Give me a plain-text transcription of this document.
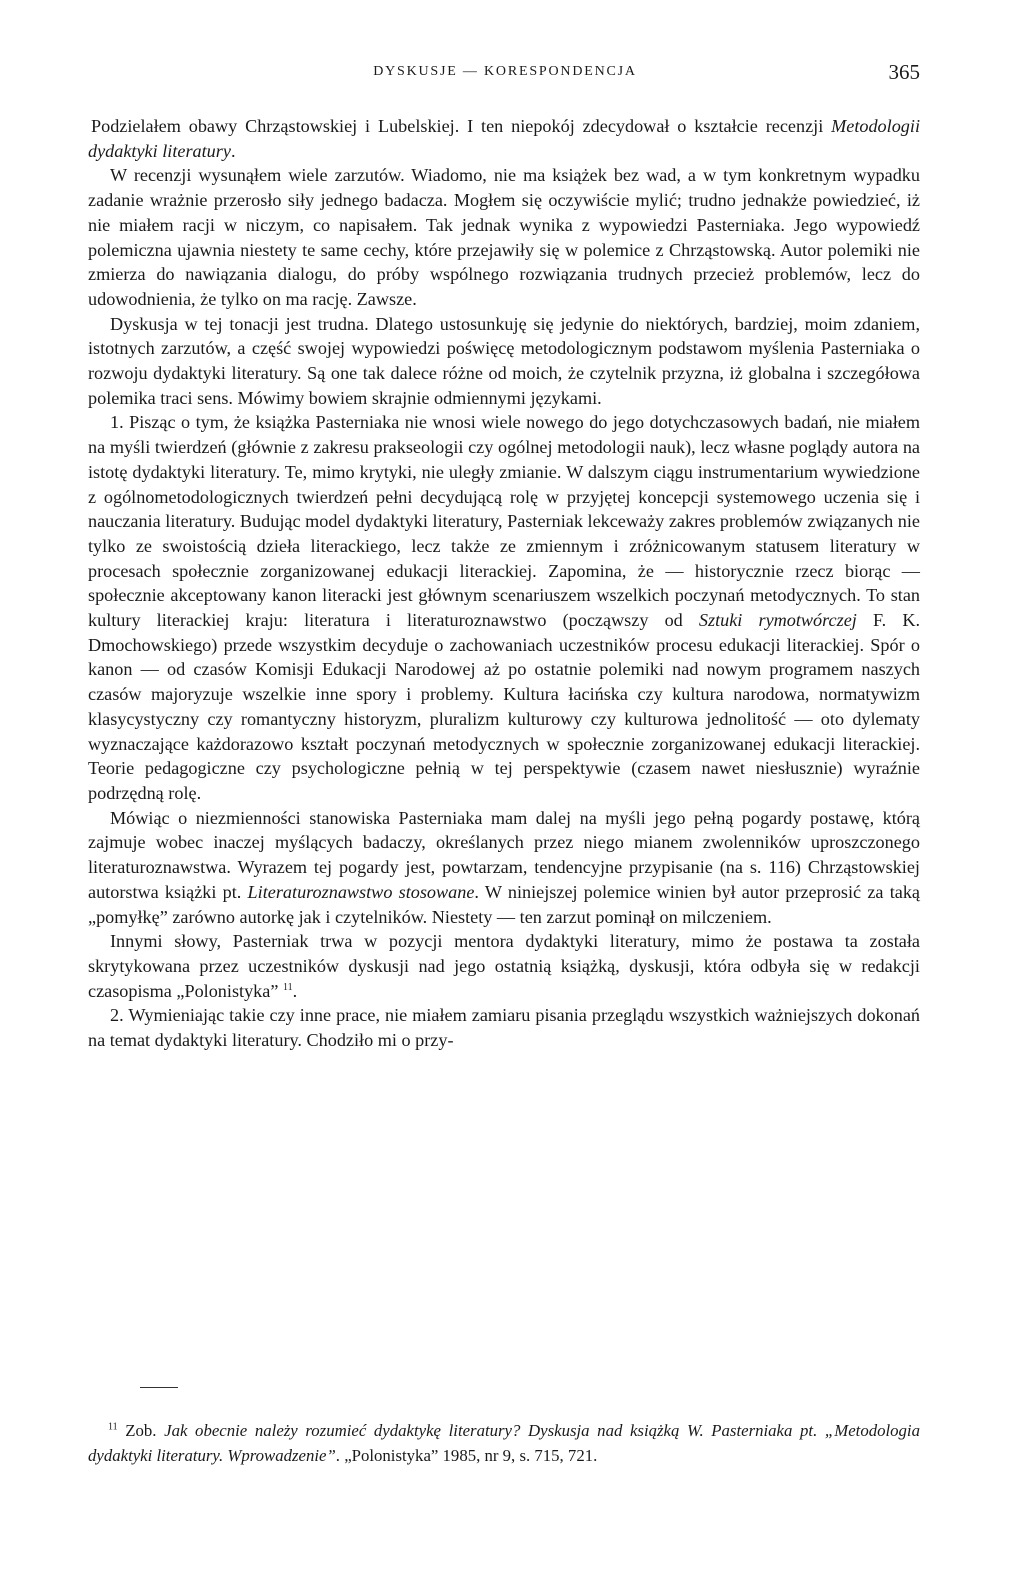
DYSKUSJE — KORESPONDENCJA	365

Podzielałem obawy Chrząstowskiej i Lubelskiej. I ten niepokój zdecydował o kształcie recenzji Metodologii dydaktyki literatury.

W recenzji wysunąłem wiele zarzutów. Wiadomo, nie ma książek bez wad, a w tym konkretnym wypadku zadanie wrażnie przerosło siły jednego badacza. Mogłem się oczywiście mylić; trudno jednakże powiedzieć, iż nie miałem racji w niczym, co napisałem. Tak jednak wynika z wypowiedzi Pasterniaka. Jego wypowiedź polemiczna ujawnia niestety te same cechy, które przejawiły się w polemice z Chrząstowską. Autor polemiki nie zmierza do nawiązania dialogu, do próby wspólnego rozwiązania trudnych przecież problemów, lecz do udowodnienia, że tylko on ma rację. Zawsze.

Dyskusja w tej tonacji jest trudna. Dlatego ustosunkuję się jedynie do niektórych, bardziej, moim zdaniem, istotnych zarzutów, a część swojej wypowiedzi poświęcę metodologicznym podstawom myślenia Pasterniaka o rozwoju dydaktyki literatury. Są one tak dalece różne od moich, że czytelnik przyzna, iż globalna i szczegółowa polemika traci sens. Mówimy bowiem skrajnie odmiennymi językami.

1. Pisząc o tym, że książka Pasterniaka nie wnosi wiele nowego do jego dotychczasowych badań, nie miałem na myśli twierdzeń (głównie z zakresu prakseologii czy ogólnej metodologii nauk), lecz własne poglądy autora na istotę dydaktyki literatury. Te, mimo krytyki, nie uległy zmianie. W dalszym ciągu instrumentarium wywiedzione z ogólnometodologicznych twierdzeń pełni decydującą rolę w przyjętej koncepcji systemowego uczenia się i nauczania literatury. Budując model dydaktyki literatury, Pasterniak lekceważy zakres problemów związanych nie tylko ze swoistością dzieła literackiego, lecz także ze zmiennym i zróżnicowanym statusem literatury w procesach społecznie zorganizowanej edukacji literackiej. Zapomina, że — historycznie rzecz biorąc — społecznie akceptowany kanon literacki jest głównym scenariuszem wszelkich poczynań metodycznych. To stan kultury literackiej kraju: literatura i literaturoznawstwo (począwszy od Sztuki rymotwórczej F. K. Dmochowskiego) przede wszystkim decyduje o zachowaniach uczestników procesu edukacji literackiej. Spór o kanon — od czasów Komisji Edukacji Narodowej aż po ostatnie polemiki nad nowym programem naszych czasów majoryzuje wszelkie inne spory i problemy. Kultura łacińska czy kultura narodowa, normatywizm klasycystyczny czy romantyczny historyzm, pluralizm kulturowy czy kulturowa jednolitość — oto dylematy wyznaczające każdorazowo kształt poczynań metodycznych w społecznie zorganizowanej edukacji literackiej. Teorie pedagogiczne czy psychologiczne pełnią w tej perspektywie (czasem nawet niesłusznie) wyraźnie podrzędną rolę.

Mówiąc o niezmienności stanowiska Pasterniaka mam dalej na myśli jego pełną pogardy postawę, którą zajmuje wobec inaczej myślących badaczy, określanych przez niego mianem zwolenników uproszczonego literaturoznawstwa. Wyrazem tej pogardy jest, powtarzam, tendencyjne przypisanie (na s. 116) Chrząstowskiej autorstwa książki pt. Literaturoznawstwo stosowane. W niniejszej polemice winien był autor przeprosić za taką „pomyłkę” zarówno autorkę jak i czytelników. Niestety — ten zarzut pominął on milczeniem.

Innymi słowy, Pasterniak trwa w pozycji mentora dydaktyki literatury, mimo że postawa ta została skrytykowana przez uczestników dyskusji nad jego ostatnią książką, dyskusji, która odbyła się w redakcji czasopisma „Polonistyka” $^{11}$.

2. Wymieniając takie czy inne prace, nie miałem zamiaru pisania przeglądu wszystkich ważniejszych dokonań na temat dydaktyki literatury. Chodziło mi o przy-

$^{11}$ Zob. Jak obecnie należy rozumieć dydaktykę literatury? Dyskusja nad książką W. Pasterniaka pt. „Metodologia dydaktyki literatury. Wprowadzenie”. „Polonistyka” 1985, nr 9, s. 715, 721.
